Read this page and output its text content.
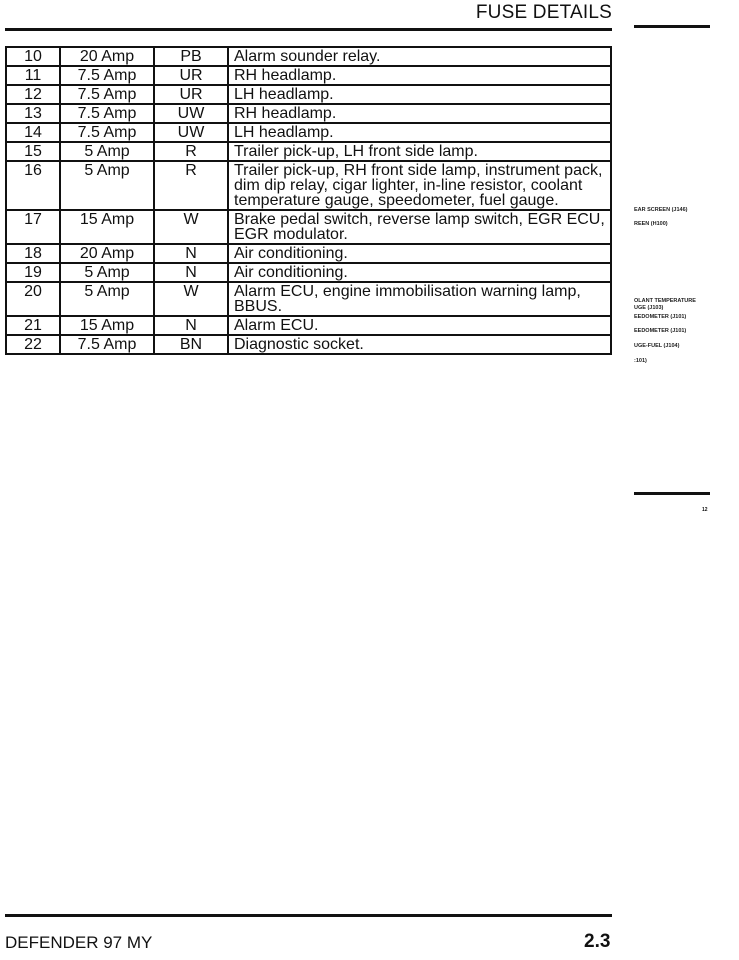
FUSE DETAILS
10	20 Amp	PB	Alarm sounder relay.
11	7.5 Amp	UR	RH headlamp.
12	7.5 Amp	UR	LH headlamp.
13	7.5 Amp	UW	RH headlamp.
14	7.5 Amp	UW	LH headlamp.
15	5 Amp	R	Trailer pick-up, LH front side lamp.
16	5 Amp	R	Trailer pick-up, RH front side lamp, instrument pack, dim dip relay, cigar lighter, in-line resistor, coolant temperature gauge, speedometer, fuel gauge.
17	15 Amp	W	Brake pedal switch, reverse lamp switch, EGR ECU, EGR modulator.
18	20 Amp	N	Air conditioning.
19	5 Amp	N	Air conditioning.
20	5 Amp	W	Alarm ECU, engine immobilisation warning lamp, BBUS.
21	15 Amp	N	Alarm ECU.
22	7.5 Amp	BN	Diagnostic socket.
EAR SCREEN (J146)
REEN (H100)
OLANT TEMPERATURE
UGE (J103)
EEDOMETER (J101)
EEDOMETER (J101)
UGE-FUEL (J104)
:101)
12
DEFENDER 97 MY	2.3
